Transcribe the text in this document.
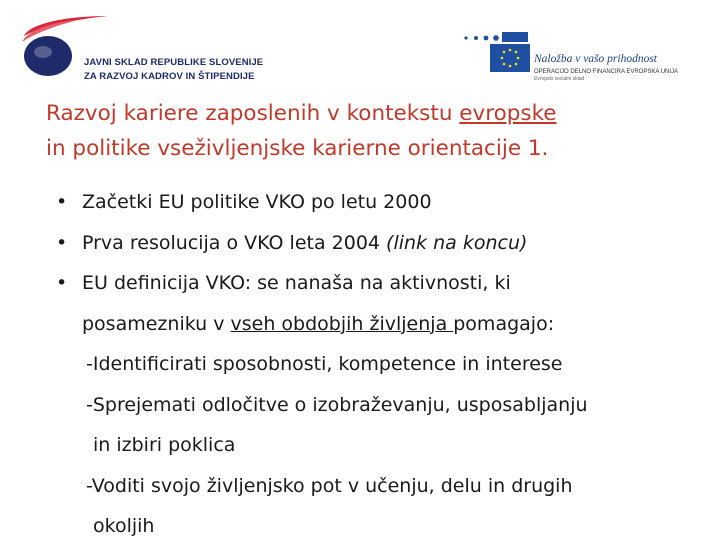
JAVNI SKLAD REPUBLIKE SLOVENIJE
ZA RAZVOJ KADROV IN ŠTIPENDIJE
Naložba v vašo prihodnost
OPERACIJO DELNO FINANCIRA EVROPSKA UNIJA
Evropski socialni sklad
Razvoj kariere zaposlenih v kontekstu evropske
in politike vseživljenjske karierne orientacije 1.
• Začetki EU politike VKO po letu 2000
• Prva resolucija o VKO leta 2004 (link na koncu)
• EU definicija VKO: se nanaša na aktivnosti, ki
posamezniku v vseh obdobjih življenja pomagajo:
-Identificirati sposobnosti, kompetence in interese
-Sprejemati odločitve o izobraževanju, usposabljanju
in izbiri poklica
-Voditi svojo življenjsko pot v učenju, delu in drugih
okoljih
